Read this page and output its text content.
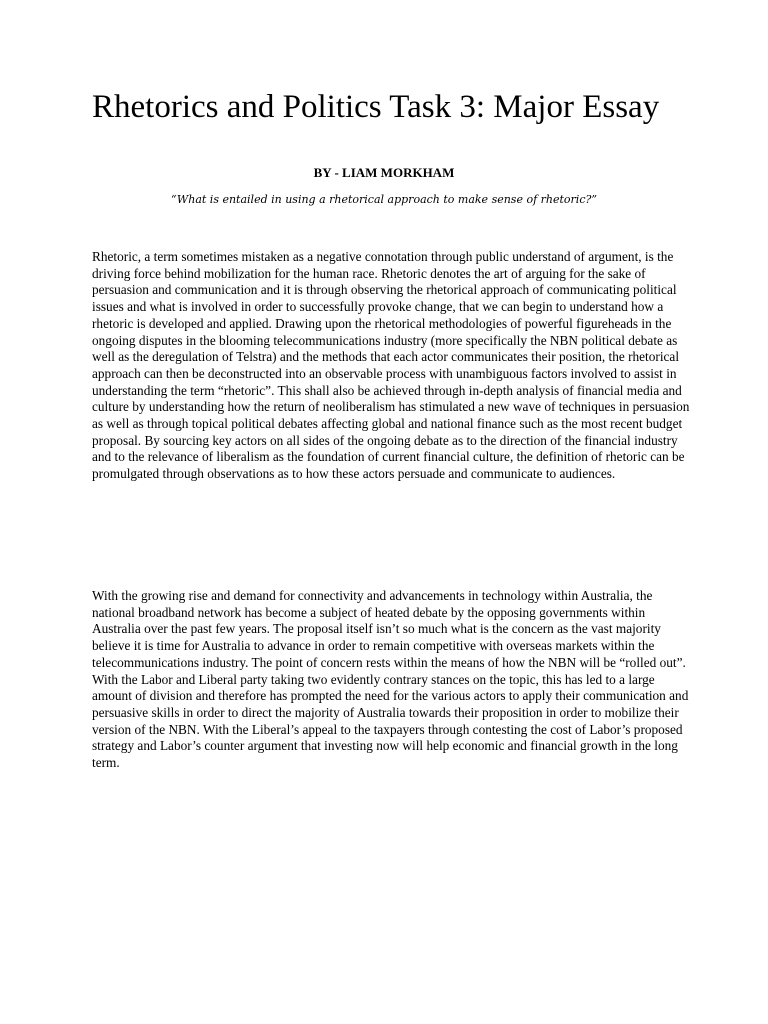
Rhetorics and Politics Task 3: Major Essay
BY - LIAM MORKHAM
“What is entailed in using a rhetorical approach to make sense of rhetoric?”

Rhetoric, a term sometimes mistaken as a negative connotation through public understand of argument, is the driving force behind mobilization for the human race. Rhetoric denotes the art of arguing for the sake of persuasion and communication and it is through observing the rhetorical approach of communicating political issues and what is involved in order to successfully provoke change, that we can begin to understand how a rhetoric is developed and applied. Drawing upon the rhetorical methodologies of powerful figureheads in the ongoing disputes in the blooming telecommunications industry (more specifically the NBN political debate as well as the deregulation of Telstra) and the methods that each actor communicates their position, the rhetorical approach can then be deconstructed into an observable process with unambiguous factors involved to assist in understanding the term “rhetoric”. This shall also be achieved through in-depth analysis of financial media and culture by understanding how the return of neoliberalism has stimulated a new wave of techniques in persuasion as well as through topical political debates affecting global and national finance such as the most recent budget proposal. By sourcing key actors on all sides of the ongoing debate as to the direction of the financial industry and to the relevance of liberalism as the foundation of current financial culture, the definition of rhetoric can be promulgated through observations as to how these actors persuade and communicate to audiences.

With the growing rise and demand for connectivity and advancements in technology within Australia, the national broadband network has become a subject of heated debate by the opposing governments within Australia over the past few years. The proposal itself isn’t so much what is the concern as the vast majority believe it is time for Australia to advance in order to remain competitive with overseas markets within the telecommunications industry. The point of concern rests within the means of how the NBN will be “rolled out”. With the Labor and Liberal party taking two evidently contrary stances on the topic, this has led to a large amount of division and therefore has prompted the need for the various actors to apply their communication and persuasive skills in order to direct the majority of Australia towards their proposition in order to mobilize their version of the NBN. With the Liberal’s appeal to the taxpayers through contesting the cost of Labor’s proposed strategy and Labor’s counter argument that investing now will help economic and financial growth in the long term.
